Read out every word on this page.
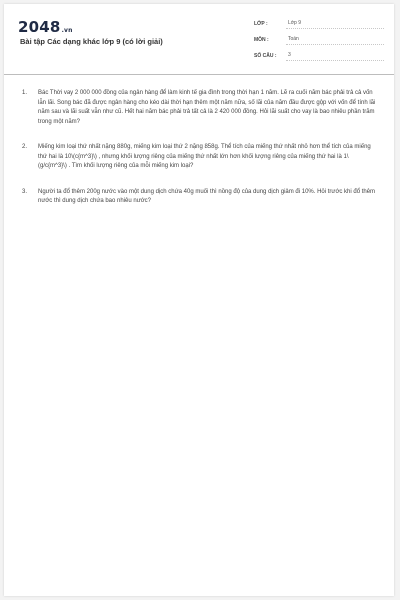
2048.vn
Bài tập Các dạng khác lớp 9 (có lời giải)
LỚP :	Lớp 9
MÔN :	Toán
SỐ CÂU :	3
1.	Bác Thời vay 2 000 000 đồng của ngân hàng để làm kinh tế gia đình trong thời hạn 1 năm. Lẽ ra cuối năm bác phải trả cả vốn lẫn lãi. Song bác đã được ngân hàng cho kéo dài thời hạn thêm một năm nữa, số lãi của năm đầu được gộp với vốn để tính lãi năm sau và lãi suất vẫn như cũ. Hết hai năm bác phải trả tất cả là 2 420 000 đồng. Hỏi lãi suất cho vay là bao nhiêu phần trăm trong một năm?
2.	Miếng kim loại thứ nhất nặng 880g, miếng kim loại thứ 2 nặng 858g. Thể tích của miếng thứ nhất nhỏ hơn thể tích của miếng thứ hai là 10\(c{m^3}\) , nhưng khối lượng riêng của miếng thứ nhất lớn hơn khối lượng riêng của miếng thứ hai là 1\(g/c{m^3}\) . Tìm khối lượng riêng của mỗi miếng kim loại?
3.	Người ta đổ thêm 200g nước vào một dung dịch chứa 40g muối thì nồng độ của dung dịch giảm đi 10%. Hỏi trước khi đổ thêm nước thì dung dịch chứa bao nhiêu nước?
